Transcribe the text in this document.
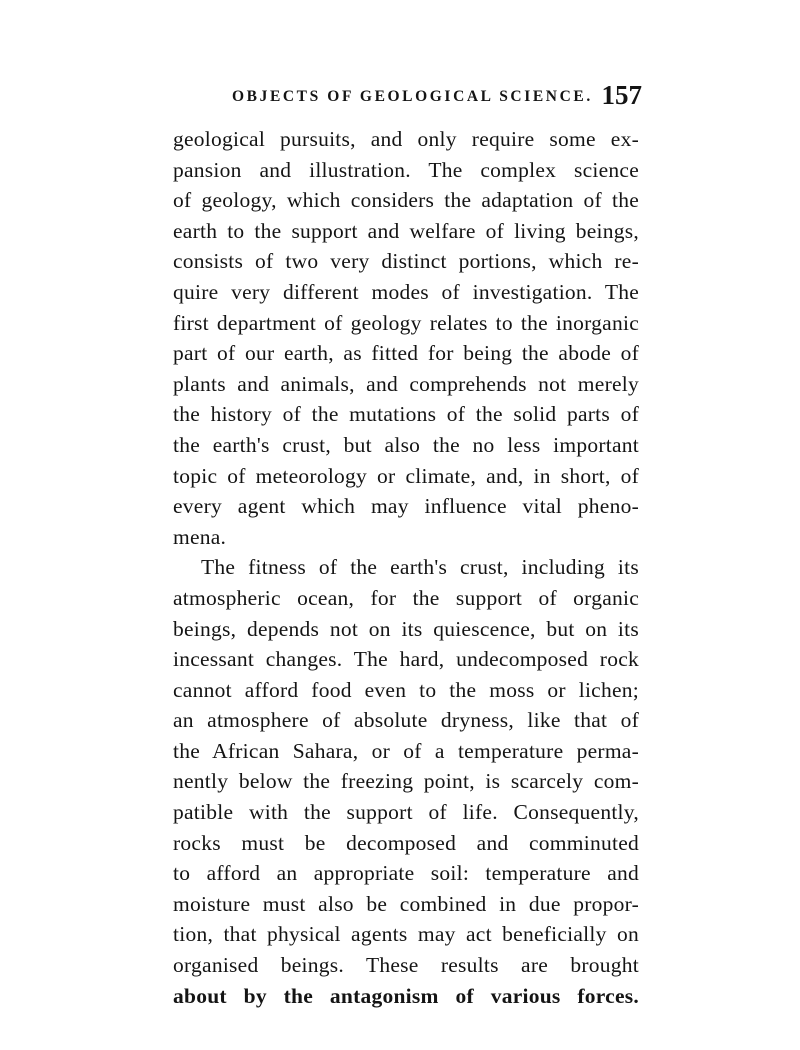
OBJECTS OF GEOLOGICAL SCIENCE. 157
geological pursuits, and only require some ex-
pansion and illustration. The complex science
of geology, which considers the adaptation of the
earth to the support and welfare of living beings,
consists of two very distinct portions, which re-
quire very different modes of investigation. The
first department of geology relates to the inorganic
part of our earth, as fitted for being the abode of
plants and animals, and comprehends not merely
the history of the mutations of the solid parts of
the earth's crust, but also the no less important
topic of meteorology or climate, and, in short, of
every agent which may influence vital pheno-
mena.
The fitness of the earth's crust, including its
atmospheric ocean, for the support of organic
beings, depends not on its quiescence, but on its
incessant changes. The hard, undecomposed rock
cannot afford food even to the moss or lichen;
an atmosphere of absolute dryness, like that of
the African Sahara, or of a temperature perma-
nently below the freezing point, is scarcely com-
patible with the support of life. Consequently,
rocks must be decomposed and comminuted
to afford an appropriate soil: temperature and
moisture must also be combined in due propor-
tion, that physical agents may act beneficially on
organised beings. These results are brought
about by the antagonism of various forces.
